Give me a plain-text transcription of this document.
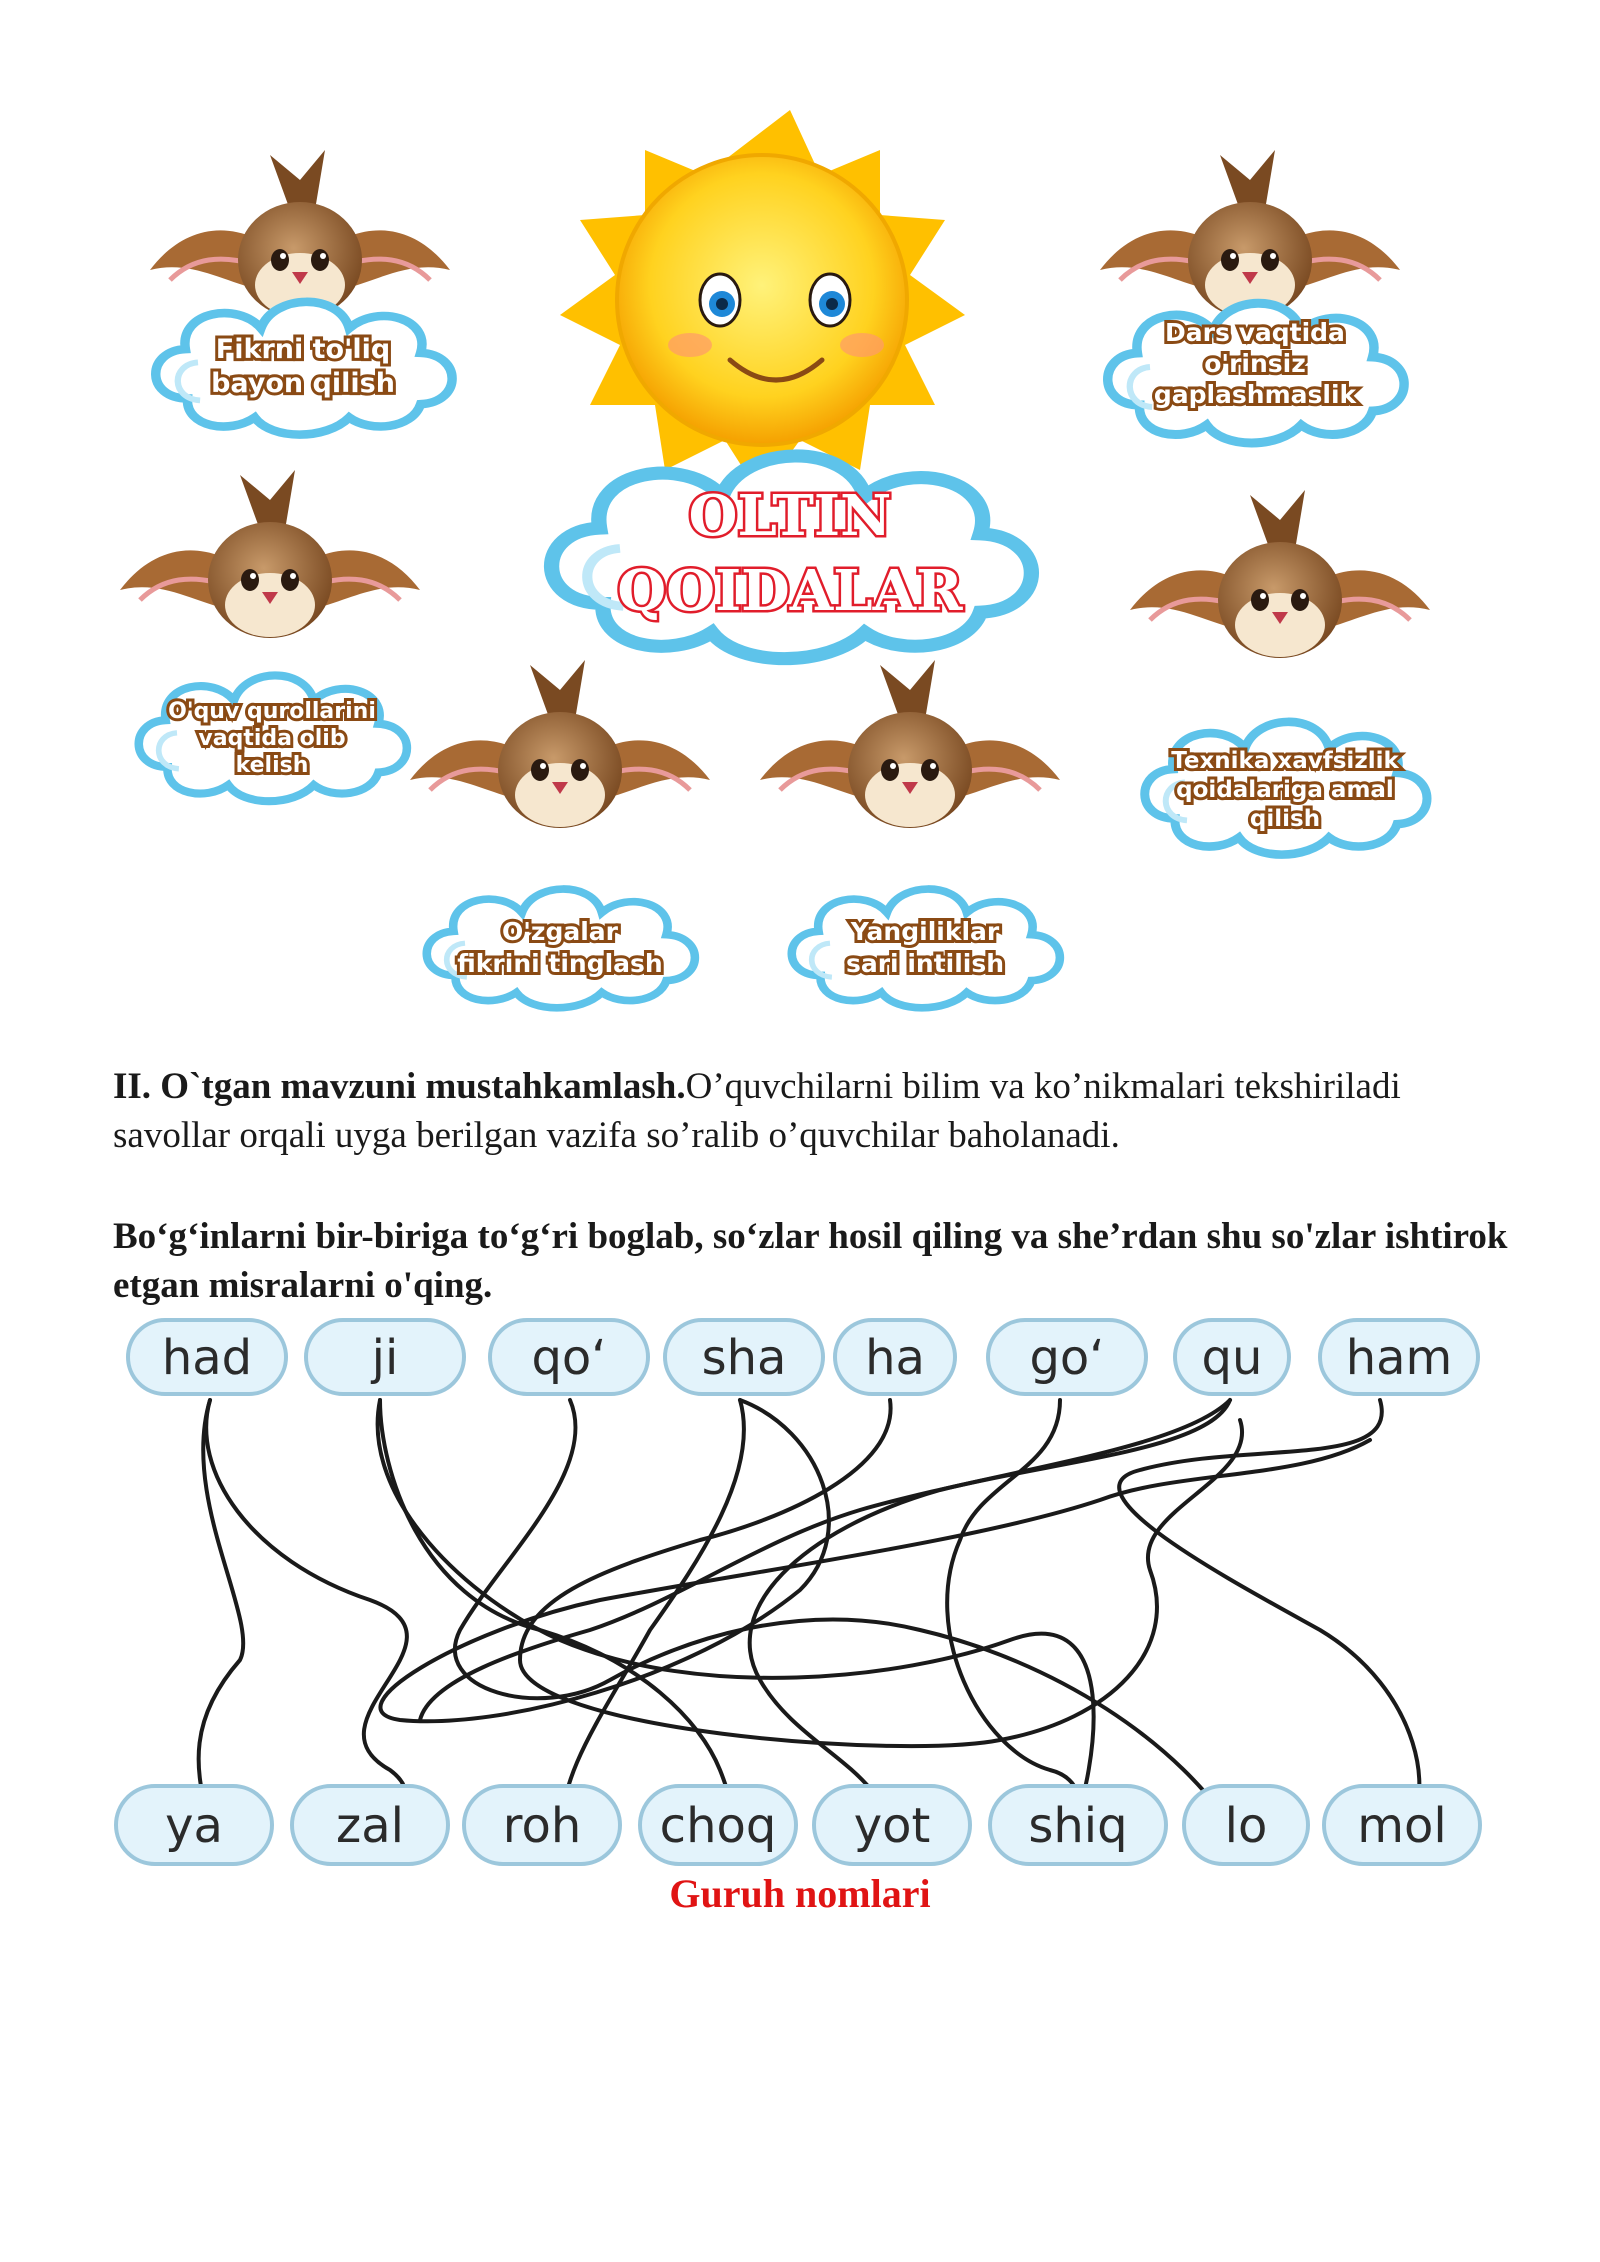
OLTIN
QOIDALAR
Fikrni to'liq
bayon qilish
Dars vaqtida
o'rinsiz
gaplashmaslik
O'quv qurollarini
vaqtida olib
kelish	Texnika xavfsizlik
qoidalariga amal
qilish
O'zgalar
fikrini tinglash
Yangiliklar
sari intilish
II. O`tgan mavzuni mustahkamlash.O’quvchilarni bilim va ko’nikmalari tekshiriladi savollar orqali uyga berilgan vazifa so’ralib o’quvchilar baholanadi.
Bo‘g‘inlarni bir-biriga to‘g‘ri boglab, so‘zlar hosil qiling va she’rdan shu so'zlar ishtirok etgan misralarni o'qing.
had ji	qo‘ sha ha go‘ qu ham
ya zal roh choq yot shiq lo mol
Guruh nomlari
